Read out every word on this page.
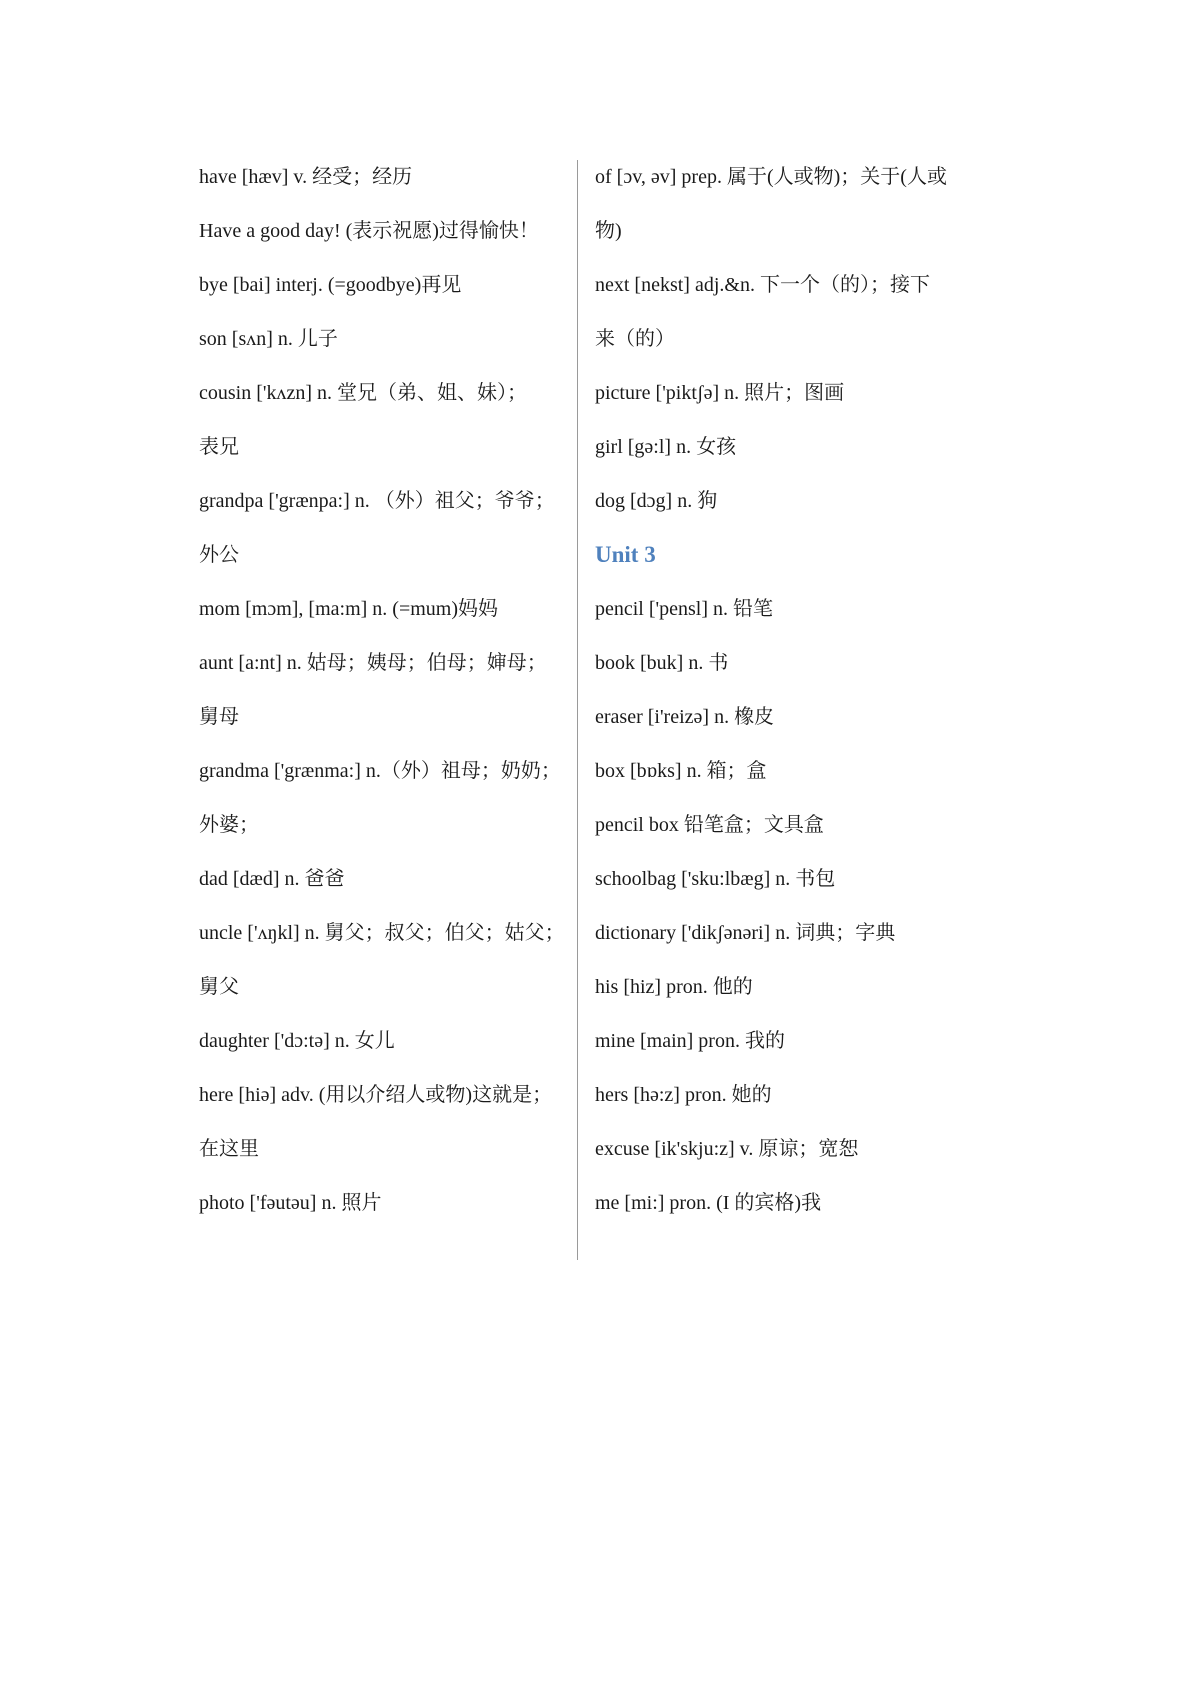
have [hæv] v. 经受；经历
Have a good day! (表示祝愿)过得愉快！
bye [bai] interj. (=goodbye)再见
son [sʌn] n. 儿子
cousin ['kʌzn] n. 堂兄（弟、姐、妹）；
表兄
grandpa ['grænpa:] n. （外）祖父；爷爷；
外公
mom [mɔm], [ma:m] n. (=mum)妈妈
aunt [a:nt] n. 姑母；姨母；伯母；婶母；
舅母
grandma ['grænma:] n.（外）祖母；奶奶；
外婆；
dad [dæd] n. 爸爸
uncle ['ʌŋkl] n. 舅父；叔父；伯父；姑父；
舅父
daughter ['dɔ:tə] n. 女儿
here [hiə] adv. (用以介绍人或物)这就是；
在这里
photo ['fəutəu] n. 照片
of [ɔv, əv] prep. 属于(人或物)；关于(人或
物)
next [nekst] adj.&n. 下一个（的）；接下
来（的）
picture ['piktʃə] n. 照片；图画
girl [gə:l] n. 女孩
dog [dɔg] n. 狗
Unit 3
pencil ['pensl] n. 铅笔
book [buk] n. 书
eraser [i'reizə] n. 橡皮
box [bɒks] n. 箱；盒
pencil box 铅笔盒；文具盒
schoolbag ['sku:lbæg] n. 书包
dictionary ['dikʃənəri] n. 词典；字典
his [hiz] pron. 他的
mine [main] pron. 我的
hers [hə:z] pron. 她的
excuse [ik'skju:z] v. 原谅；宽恕
me [mi:] pron. (I 的宾格)我
